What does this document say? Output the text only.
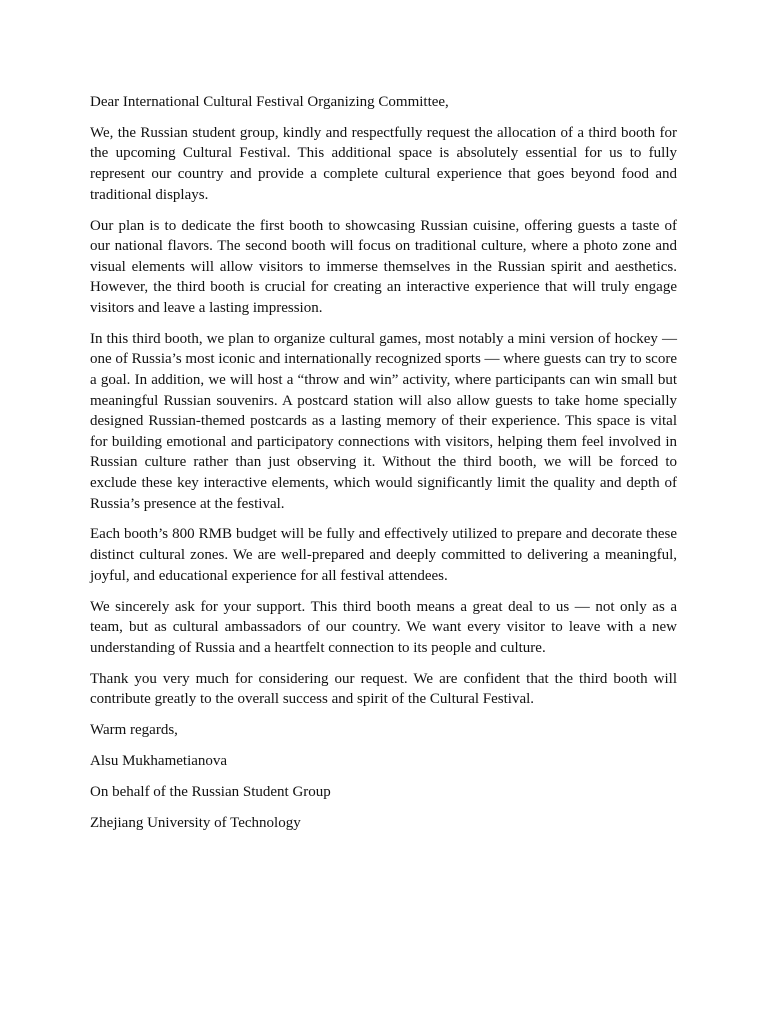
Dear International Cultural Festival Organizing Committee,

We, the Russian student group, kindly and respectfully request the allocation of a third booth for the upcoming Cultural Festival. This additional space is absolutely essential for us to fully represent our country and provide a complete cultural experience that goes beyond food and traditional displays.

Our plan is to dedicate the first booth to showcasing Russian cuisine, offering guests a taste of our national flavors. The second booth will focus on traditional culture, where a photo zone and visual elements will allow visitors to immerse themselves in the Russian spirit and aesthetics. However, the third booth is crucial for creating an interactive experience that will truly engage visitors and leave a lasting impression.

In this third booth, we plan to organize cultural games, most notably a mini version of hockey — one of Russia’s most iconic and internationally recognized sports — where guests can try to score a goal. In addition, we will host a “throw and win” activity, where participants can win small but meaningful Russian souvenirs. A postcard station will also allow guests to take home specially designed Russian-themed postcards as a lasting memory of their experience. This space is vital for building emotional and participatory connections with visitors, helping them feel involved in Russian culture rather than just observing it. Without the third booth, we will be forced to exclude these key interactive elements, which would significantly limit the quality and depth of Russia’s presence at the festival.

Each booth’s 800 RMB budget will be fully and effectively utilized to prepare and decorate these distinct cultural zones. We are well-prepared and deeply committed to delivering a meaningful, joyful, and educational experience for all festival attendees.

We sincerely ask for your support. This third booth means a great deal to us — not only as a team, but as cultural ambassadors of our country. We want every visitor to leave with a new understanding of Russia and a heartfelt connection to its people and culture.

Thank you very much for considering our request. We are confident that the third booth will contribute greatly to the overall success and spirit of the Cultural Festival.

Warm regards,

Alsu Mukhametianova

On behalf of the Russian Student Group

Zhejiang University of Technology
